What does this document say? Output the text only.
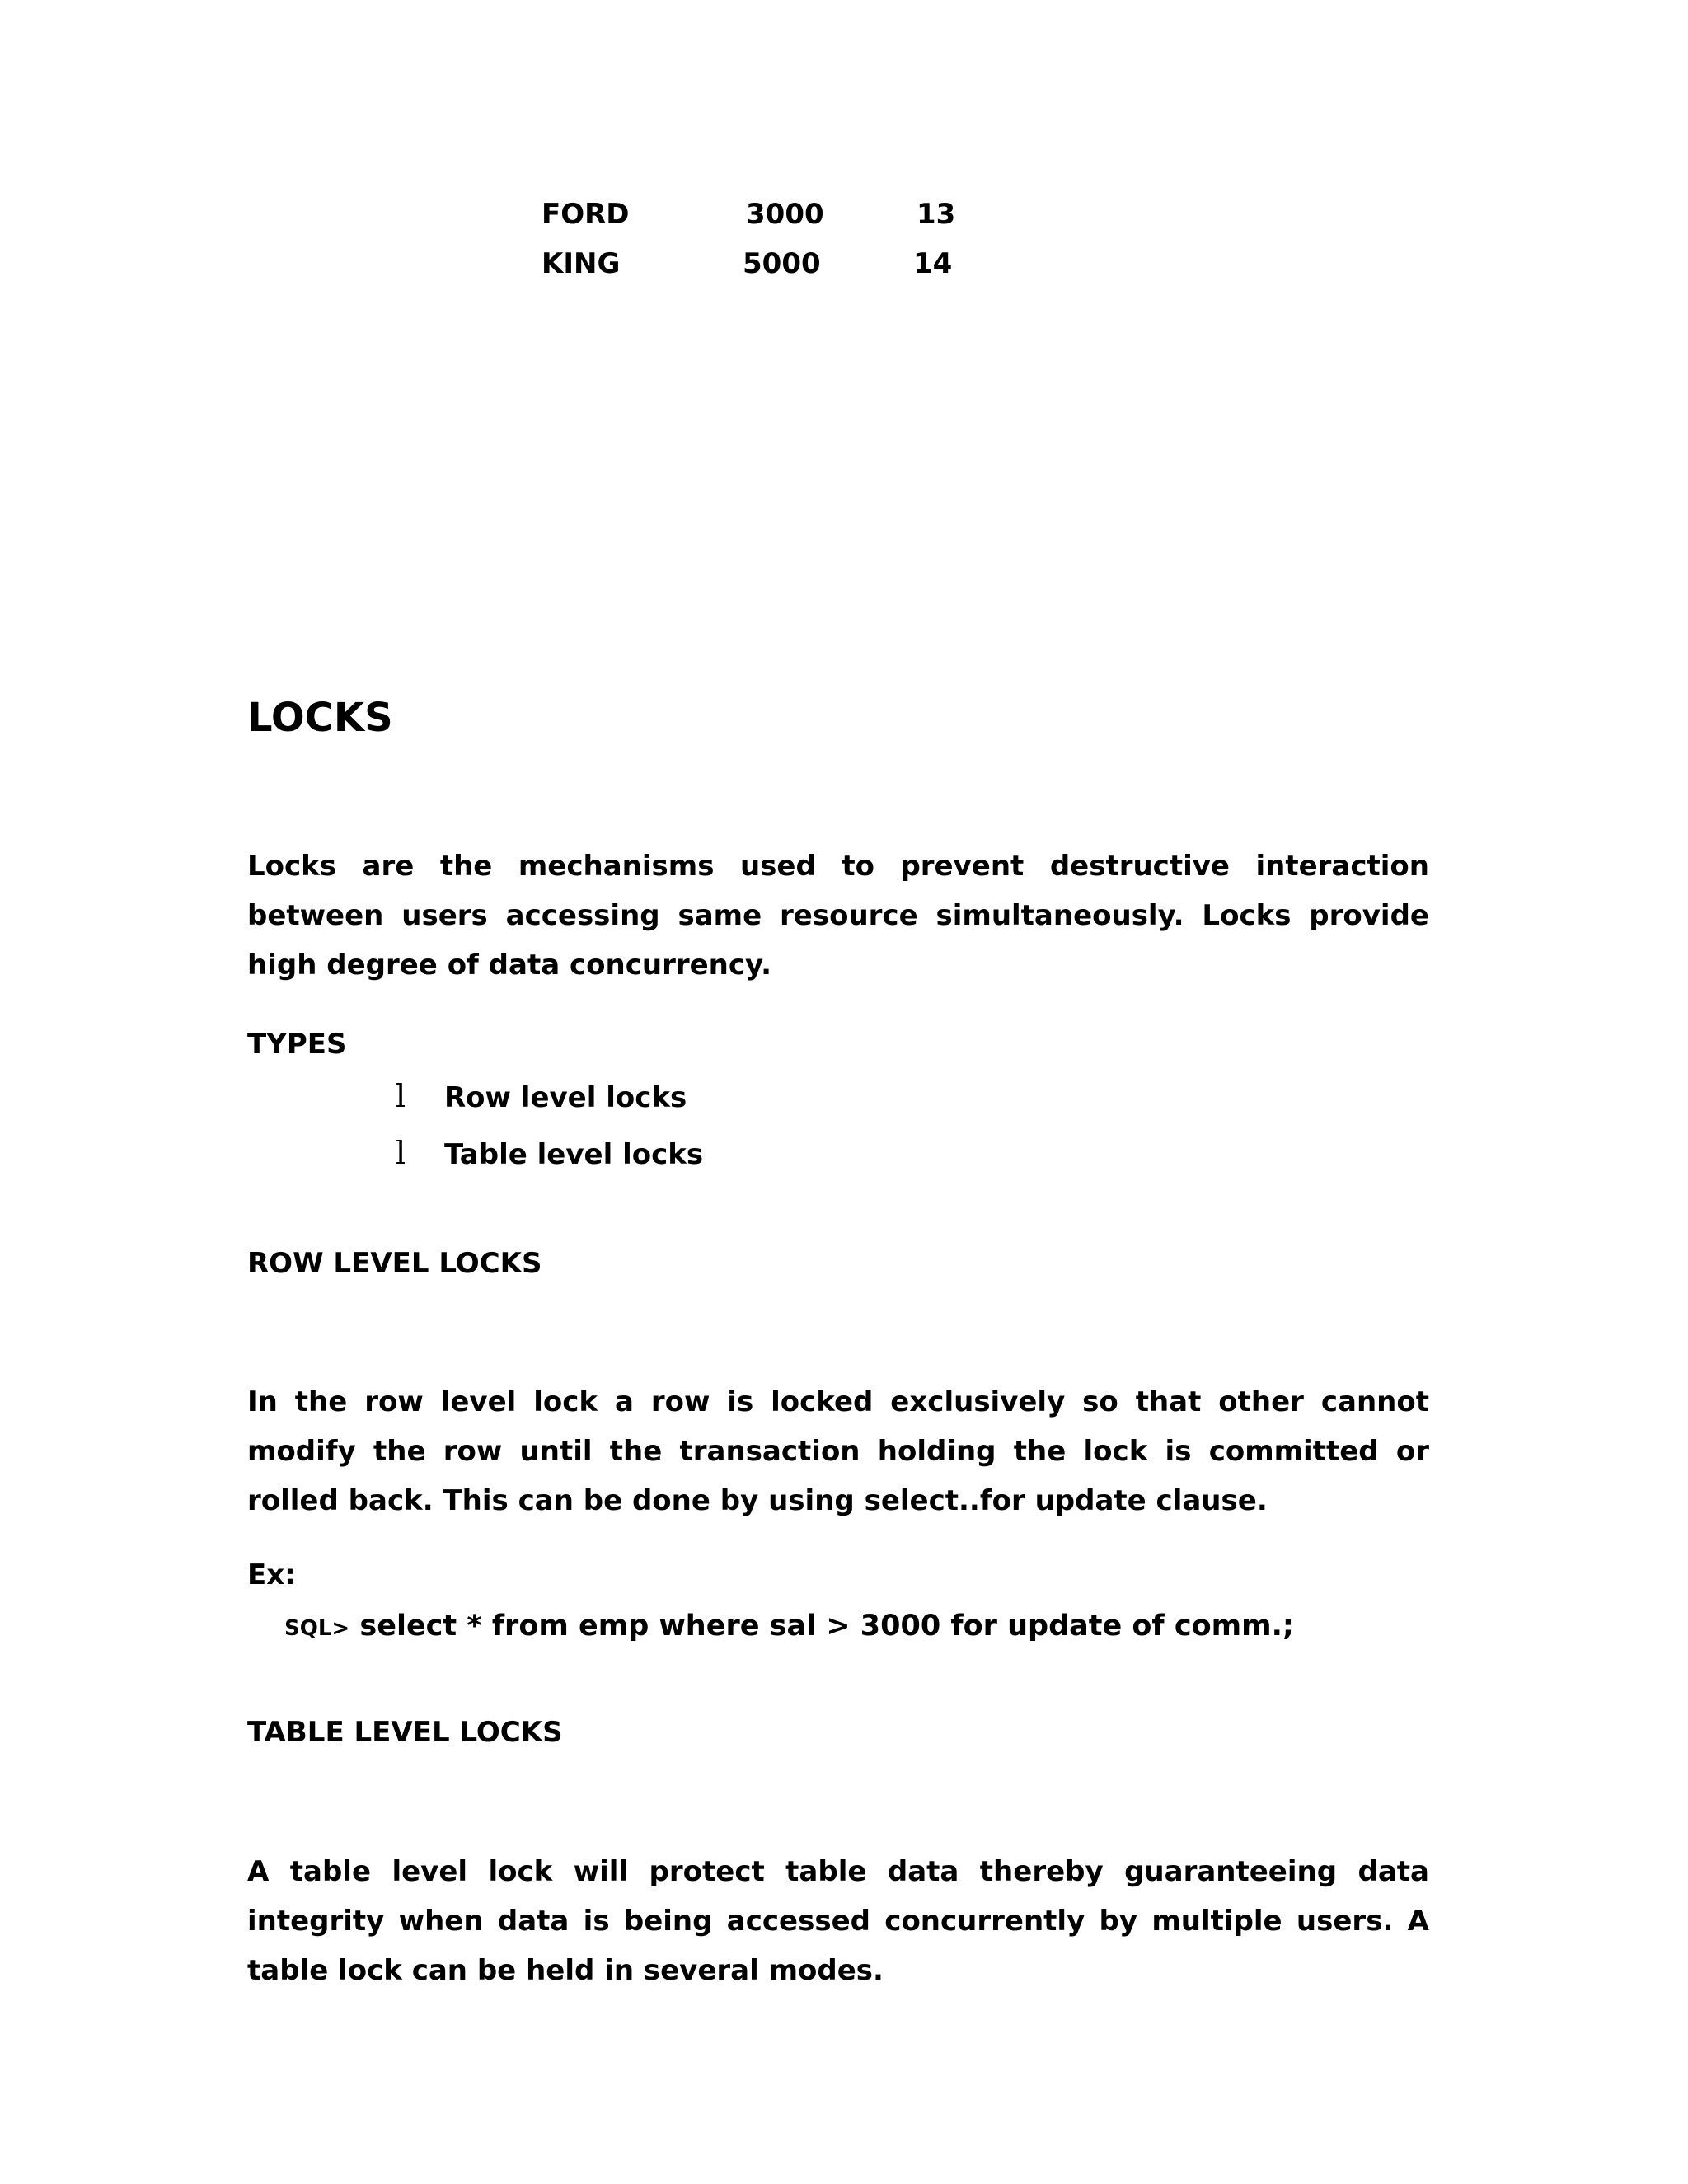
FORD	3000	13
KING	5000	14
LOCKS

Locks are the mechanisms used to prevent destructive interaction between users accessing same resource simultaneously. Locks provide high degree of data concurrency.

TYPES
l Row level locks
l Table level locks
ROW LEVEL LOCKS

In the row level lock a row is locked exclusively so that other cannot modify the row until the transaction holding the lock is committed or rolled back. This can be done by using select..for update clause.

Ex:
SQL> select * from emp where sal > 3000 for update of comm.;
TABLE LEVEL LOCKS

A table level lock will protect table data thereby guaranteeing data integrity when data is being accessed concurrently by multiple users. A table lock can be held in several modes.
